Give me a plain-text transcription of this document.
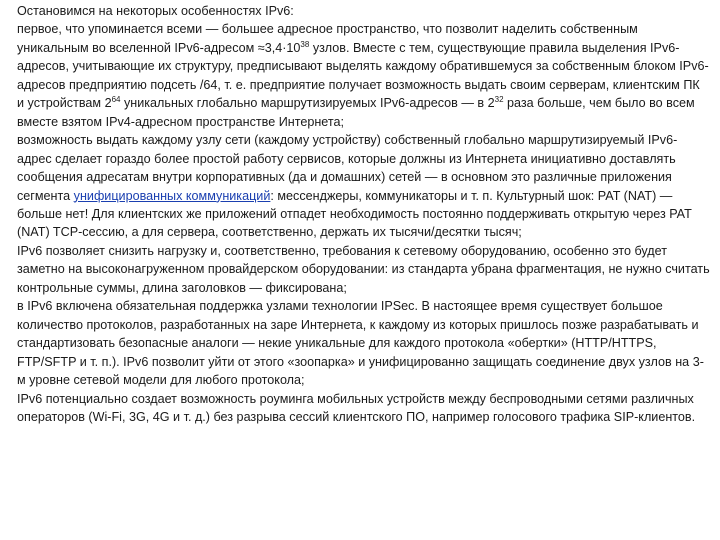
Остановимся на некоторых особенностях IPv6:

первое, что упоминается всеми — большее адресное пространство, что позволит наделить собственным уникальным во вселенной IPv6-адресом $\approx 3,4\cdot 10^{38}$ узлов. Вместе с тем, существующие правила выделения IPv6-адресов, учитывающие их структуру, предписывают выделять каждому обратившемуся за собственным блоком IPv6-адресов предприятию подсеть /64, т. е. предприятие получает возможность выдать своим серверам, клиентским ПК и устройствам $2^{64}$ уникальных глобально маршрутизируемых IPv6-адресов — в $2^{32}$ раза больше, чем было во всем вместе взятом IPv4-адресном пространстве Интернета;

возможность выдать каждому узлу сети (каждому устройству) собственный глобально маршрутизируемый IPv6-адрес сделает гораздо более простой работу сервисов, которые должны из Интернета инициативно доставлять сообщения адресатам внутри корпоративных (да и домашних) сетей — в основном это различные приложения сегмента унифицированных коммуникаций: мессенджеры, коммуникаторы и т. п. Культурный шок: PAT (NAT) — больше нет! Для клиентских же приложений отпадет необходимость постоянно поддерживать открытую через PAT (NAT) TCP-сессию, а для сервера, соответственно, держать их тысячи/десятки тысяч;

IPv6 позволяет снизить нагрузку и, соответственно, требования к сетевому оборудованию, особенно это будет заметно на высоконагруженном провайдерском оборудовании: из стандарта убрана фрагментация, не нужно считать контрольные суммы, длина заголовков — фиксирована;

в IPv6 включена обязательная поддержка узлами технологии IPSec. В настоящее время существует большое количество протоколов, разработанных на заре Интернета, к каждому из которых пришлось позже разрабатывать и стандартизовать безопасные аналоги — некие уникальные для каждого протокола «обертки» (HTTP/HTTPS, FTP/SFTP и т. п.). IPv6 позволит уйти от этого «зоопарка» и унифицированно защищать соединение двух узлов на 3-м уровне сетевой модели для любого протокола;

IPv6 потенциально создает возможность роуминга мобильных устройств между беспроводными сетями различных операторов (Wi-Fi, 3G, 4G и т. д.) без разрыва сессий клиентского ПО, например голосового трафика SIP-клиентов.
